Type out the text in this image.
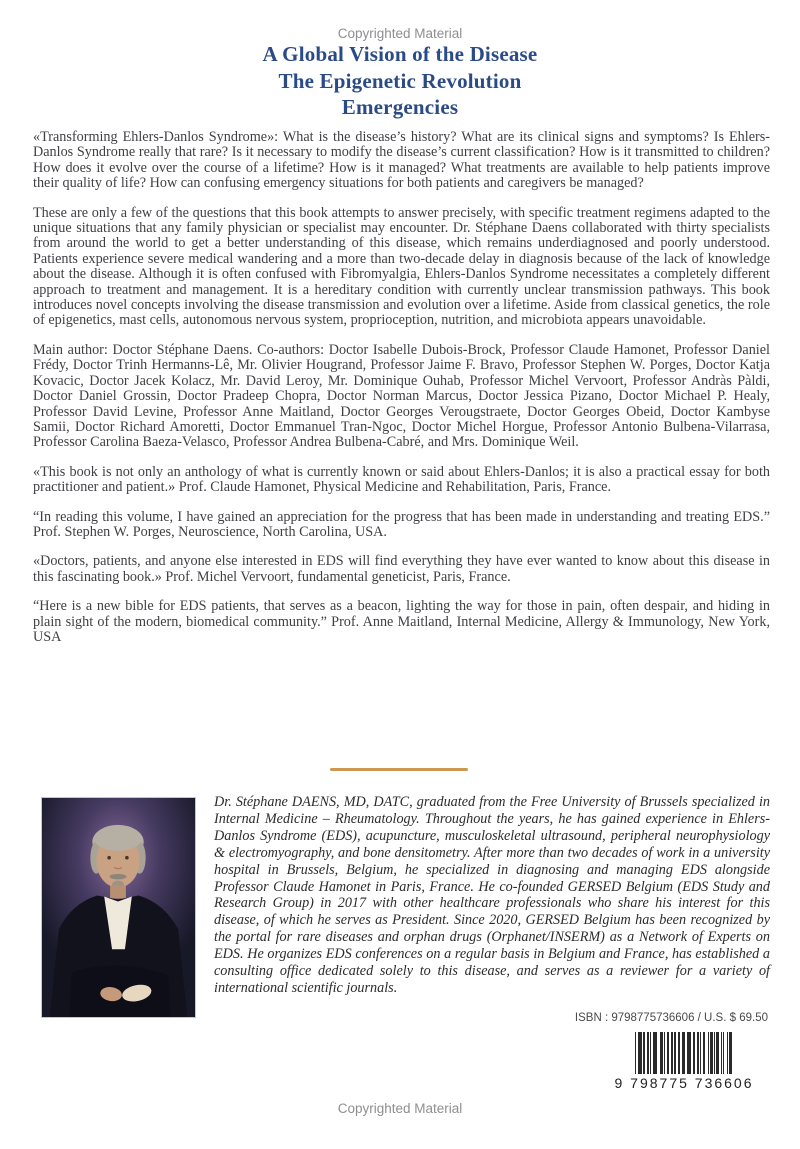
Copyrighted Material
A Global Vision of the Disease
The Epigenetic Revolution
Emergencies

«Transforming Ehlers-Danlos Syndrome»: What is the disease’s history? What are its clinical signs and symptoms? Is Ehlers-Danlos Syndrome really that rare? Is it necessary to modify the disease’s current classification? How is it transmitted to children? How does it evolve over the course of a lifetime? How is it managed? What treatments are available to help patients improve their quality of life? How can confusing emergency situations for both patients and caregivers be managed?

These are only a few of the questions that this book attempts to answer precisely, with specific treatment regimens adapted to the unique situations that any family physician or specialist may encounter. Dr. Stéphane Daens collaborated with thirty specialists from around the world to get a better understanding of this disease, which remains underdiagnosed and poorly understood. Patients experience severe medical wandering and a more than two-decade delay in diagnosis because of the lack of knowledge about the disease. Although it is often confused with Fibromyalgia, Ehlers-Danlos Syndrome necessitates a completely different approach to treatment and management. It is a hereditary condition with currently unclear transmission pathways. This book introduces novel concepts involving the disease transmission and evolution over a lifetime. Aside from classical genetics, the role of epigenetics, mast cells, autonomous nervous system, proprioception, nutrition, and microbiota appears unavoidable.

Main author: Doctor Stéphane Daens. Co-authors: Doctor Isabelle Dubois-Brock, Professor Claude Hamonet, Professor Daniel Frédy, Doctor Trinh Hermanns-Lê, Mr. Olivier Hougrand, Professor Jaime F. Bravo, Professor Stephen W. Porges, Doctor Katja Kovacic, Doctor Jacek Kolacz, Mr. David Leroy, Mr. Dominique Ouhab, Professor Michel Vervoort, Professor Andràs Pàldi, Doctor Daniel Grossin, Doctor Pradeep Chopra, Doctor Norman Marcus, Doctor Jessica Pizano, Doctor Michael P. Healy, Professor David Levine, Professor Anne Maitland, Doctor Georges Verougstraete, Doctor Georges Obeid, Doctor Kambyse Samii, Doctor Richard Amoretti, Doctor Emmanuel Tran-Ngoc, Doctor Michel Horgue, Professor Antonio Bulbena-Vilarrasa, Professor Carolina Baeza-Velasco, Professor Andrea Bulbena-Cabré, and Mrs. Dominique Weil.

«This book is not only an anthology of what is currently known or said about Ehlers-Danlos; it is also a practical essay for both practitioner and patient.» Prof. Claude Hamonet, Physical Medicine and Rehabilitation, Paris, France.

“In reading this volume, I have gained an appreciation for the progress that has been made in understanding and treating EDS.” Prof. Stephen W. Porges, Neuroscience, North Carolina, USA.

«Doctors, patients, and anyone else interested in EDS will find everything they have ever wanted to know about this disease in this fascinating book.» Prof. Michel Vervoort, fundamental geneticist, Paris, France.

“Here is a new bible for EDS patients, that serves as a beacon, lighting the way for those in pain, often despair, and hiding in plain sight of the modern, biomedical community.” Prof. Anne Maitland, Internal Medicine, Allergy & Immunology, New York, USA

Dr. Stéphane DAENS, MD, DATC, graduated from the Free University of Brussels specialized in Internal Medicine – Rheumatology. Throughout the years, he has gained experience in Ehlers-Danlos Syndrome (EDS), acupuncture, musculoskeletal ultrasound, peripheral neurophysiology & electromyography, and bone densitometry. After more than two decades of work in a university hospital in Brussels, Belgium, he specialized in diagnosing and managing EDS alongside Professor Claude Hamonet in Paris, France. He co-founded GERSED Belgium (EDS Study and Research Group) in 2017 with other healthcare professionals who share his interest for this disease, of which he serves as President. Since 2020, GERSED Belgium has been recognized by the portal for rare diseases and orphan drugs (Orphanet/INSERM) as a Network of Experts on EDS. He organizes EDS conferences on a regular basis in Belgium and France, has established a consulting office dedicated solely to this disease, and serves as a reviewer for a variety of international scientific journals.
ISBN : 9798775736606 / U.S. $ 69.50
9 798775 736606
Copyrighted Material
